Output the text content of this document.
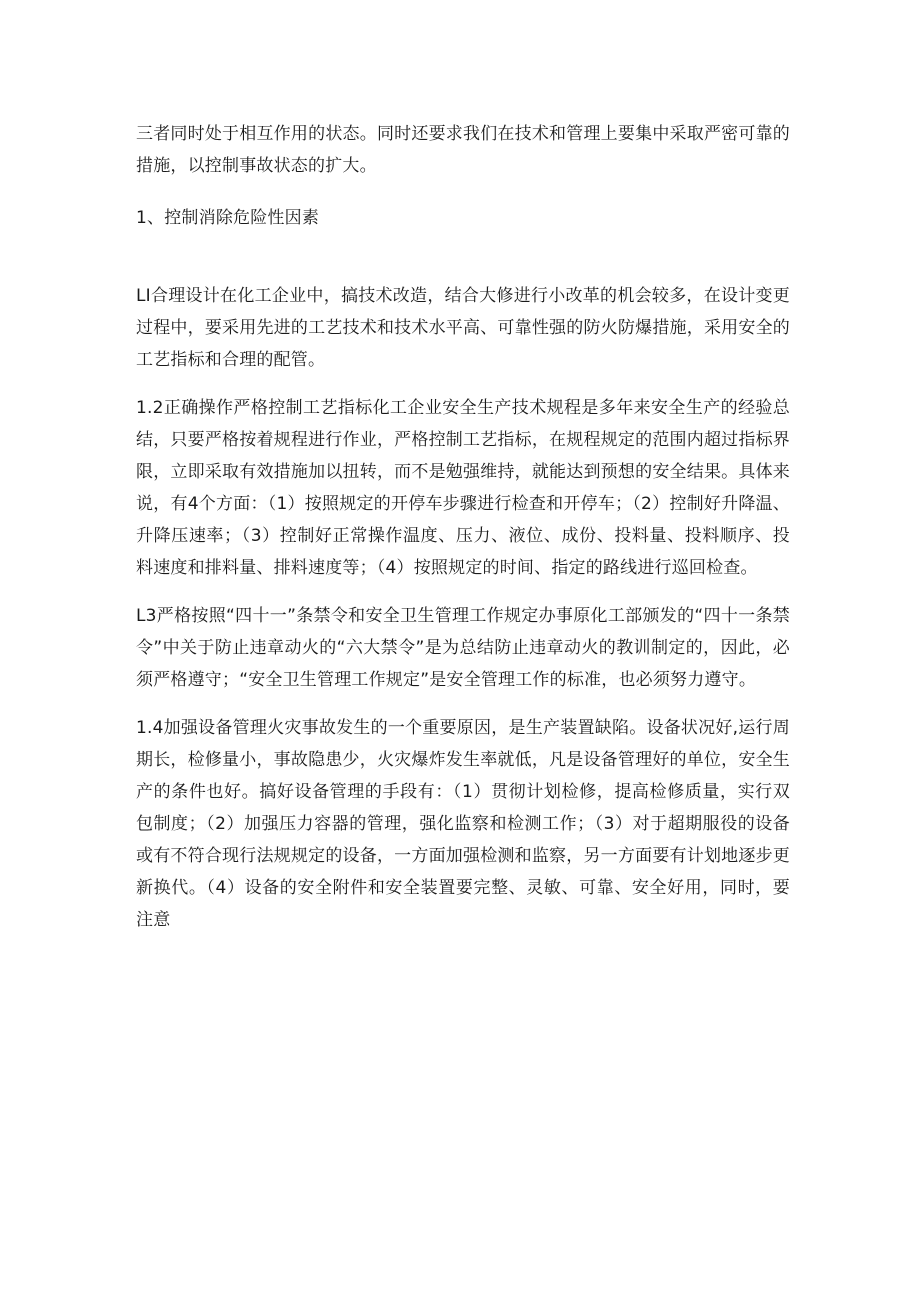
三者同时处于相互作用的状态。同时还要求我们在技术和管理上要集中采取严密可靠的措施，以控制事故状态的扩大。

1、控制消除危险性因素

LI合理设计在化工企业中，搞技术改造，结合大修进行小改革的机会较多，在设计变更过程中，要采用先进的工艺技术和技术水平高、可靠性强的防火防爆措施，采用安全的工艺指标和合理的配管。

1.2正确操作严格控制工艺指标化工企业安全生产技术规程是多年来安全生产的经验总结，只要严格按着规程进行作业，严格控制工艺指标，在规程规定的范围内超过指标界限，立即采取有效措施加以扭转，而不是勉强维持，就能达到预想的安全结果。具体来说，有4个方面：（1）按照规定的开停车步骤进行检查和开停车；（2）控制好升降温、升降压速率；（3）控制好正常操作温度、压力、液位、成份、投料量、投料顺序、投料速度和排料量、排料速度等；（4）按照规定的时间、指定的路线进行巡回检查。

L3严格按照“四十一”条禁令和安全卫生管理工作规定办事原化工部颁发的“四十一条禁令”中关于防止违章动火的“六大禁令”是为总结防止违章动火的教训制定的，因此，必须严格遵守；“安全卫生管理工作规定”是安全管理工作的标准，也必须努力遵守。

1.4加强设备管理火灾事故发生的一个重要原因，是生产装置缺陷。设备状况好,运行周期长，检修量小，事故隐患少，火灾爆炸发生率就低，凡是设备管理好的单位，安全生产的条件也好。搞好设备管理的手段有：（1）贯彻计划检修，提高检修质量，实行双包制度；（2）加强压力容器的管理，强化监察和检测工作；（3）对于超期服役的设备或有不符合现行法规规定的设备，一方面加强检测和监察，另一方面要有计划地逐步更新换代。（4）设备的安全附件和安全装置要完整、灵敏、可靠、安全好用，同时，要注意
